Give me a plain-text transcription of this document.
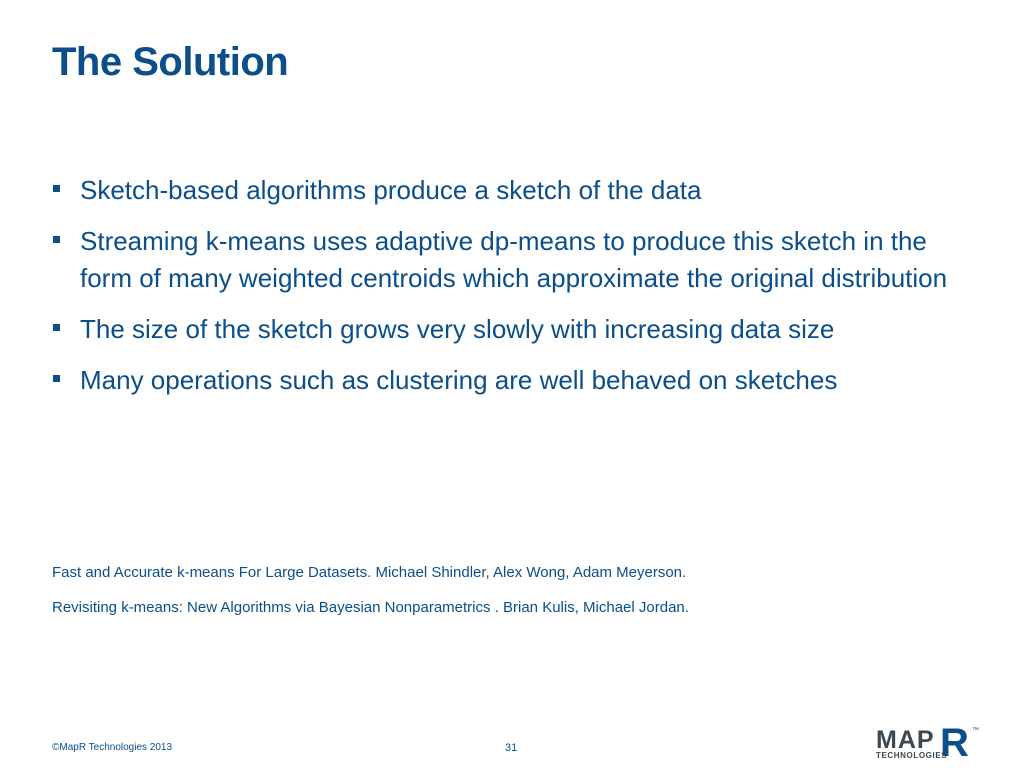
The Solution
Sketch-based algorithms produce a sketch of the data
Streaming k-means uses adaptive dp-means to produce this sketch in the form of many weighted centroids which approximate the original distribution
The size of the sketch grows very slowly with increasing data size
Many operations such as clustering are well behaved on sketches

Fast and Accurate k-means For Large Datasets. Michael Shindler, Alex Wong, Adam Meyerson.

Revisiting k-means: New Algorithms via Bayesian Nonparametrics . Brian Kulis, Michael Jordan.

©MapR Technologies 2013	31	MAP R ™
TECHNOLOGIES
